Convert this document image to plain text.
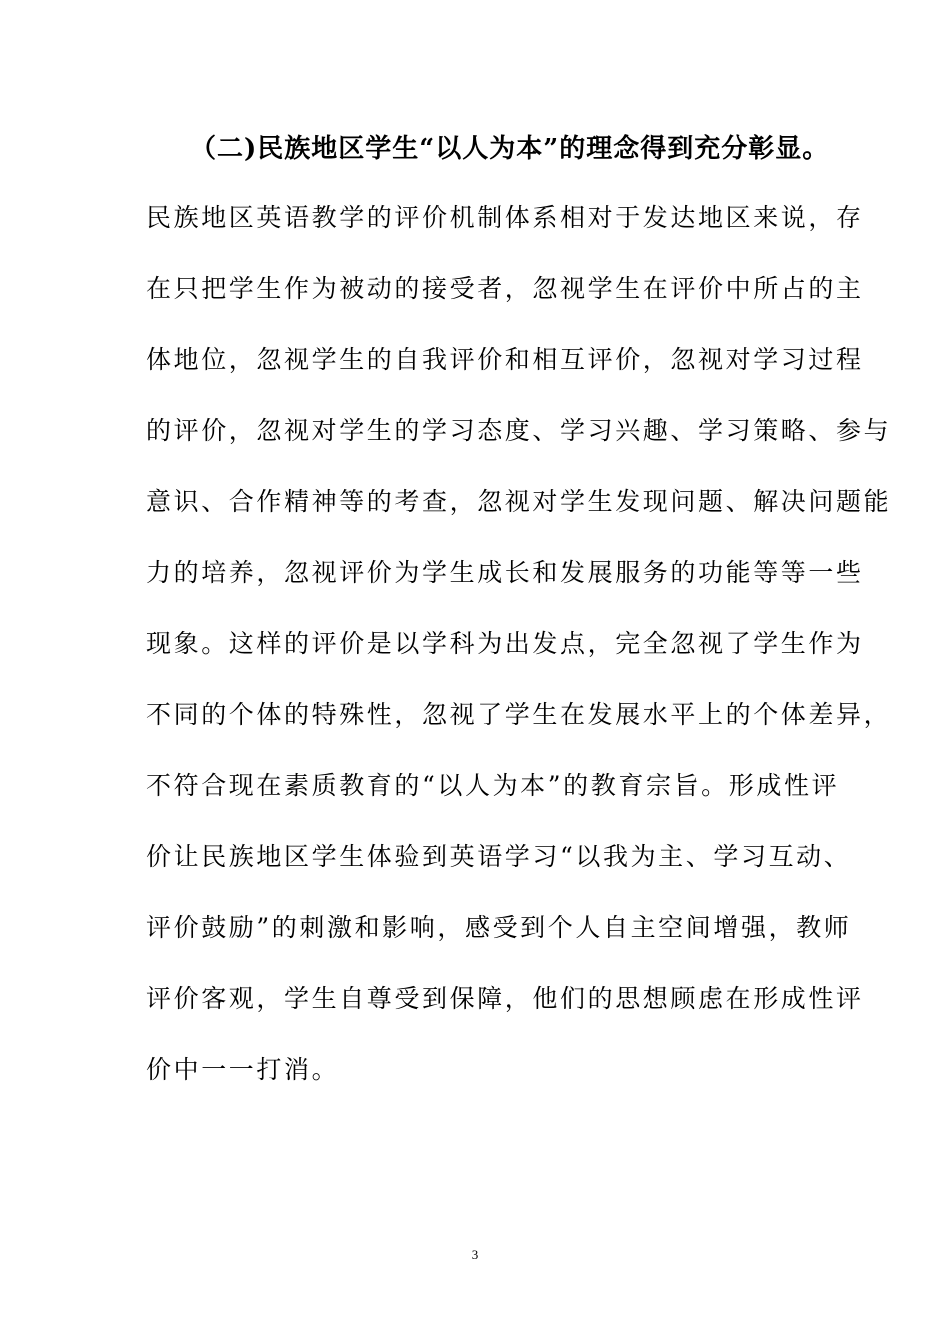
（二)民族地区学生“以人为本”的理念得到充分彰显。
民族地区英语教学的评价机制体系相对于发达地区来说，存
在只把学生作为被动的接受者，忽视学生在评价中所占的主
体地位，忽视学生的自我评价和相互评价，忽视对学习过程
的评价，忽视对学生的学习态度、学习兴趣、学习策略、参与
意识、合作精神等的考查，忽视对学生发现问题、解决问题能
力的培养，忽视评价为学生成长和发展服务的功能等等一些
现象。这样的评价是以学科为出发点，完全忽视了学生作为
不同的个体的特殊性，忽视了学生在发展水平上的个体差异，
不符合现在素质教育的“以人为本”的教育宗旨。形成性评
价让民族地区学生体验到英语学习“以我为主、学习互动、
评价鼓励”的刺激和影响，感受到个人自主空间增强，教师
评价客观，学生自尊受到保障，他们的思想顾虑在形成性评
价中一一打消。
3
